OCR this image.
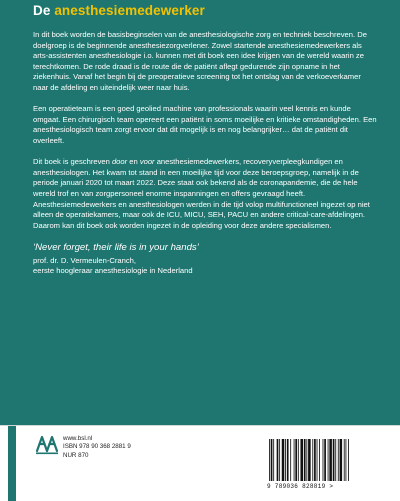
De anesthesiemedewerker

In dit boek worden de basisbeginselen van de anesthesiologische zorg en techniek beschreven. De doelgroep is de beginnende anesthesiezorgverlener. Zowel startende anesthesiemedewerkers als arts-assistenten anesthesiologie i.o. kunnen met dit boek een idee krijgen van de wereld waarin ze terechtkomen. De rode draad is de route die de patiënt aflegt gedurende zijn opname in het ziekenhuis. Vanaf het begin bij de preoperatieve screening tot het ontslag van de verkoeverkamer naar de afdeling en uiteindelijk weer naar huis.

Een operatieteam is een goed geolied machine van professionals waarin veel kennis en kunde omgaat. Een chirurgisch team opereert een patiënt in soms moeilijke en kritieke omstandigheden. Een anesthesiologisch team zorgt ervoor dat dit mogelijk is en nog belangrijker… dat de patiënt dit overleeft.

Dit boek is geschreven door en voor anesthesiemedewerkers, recoveryverpleegkundigen en anesthesiologen. Het kwam tot stand in een moeilijke tijd voor deze beroepsgroep, namelijk in de periode januari 2020 tot maart 2022. Deze staat ook bekend als de coronapandemie, die de hele wereld trof en van zorgpersoneel enorme inspanningen en offers gevraagd heeft. Anesthesiemedewerkers en anesthesiologen werden in die tijd volop multifunctioneel ingezet op niet alleen de operatiekamers, maar ook de ICU, MICU, SEH, PACU en andere critical-care-afdelingen. Daarom kan dit boek ook worden ingezet in de opleiding voor deze andere specialismen.

‘Never forget, their life is in your hands’
prof. dr. D. Vermeulen-Cranch,
eerste hoogleraar anesthesiologie in Nederland

www.bsl.nl
ISBN 978 90 368 2881 9
NUR 870
9 789036 828819 >
